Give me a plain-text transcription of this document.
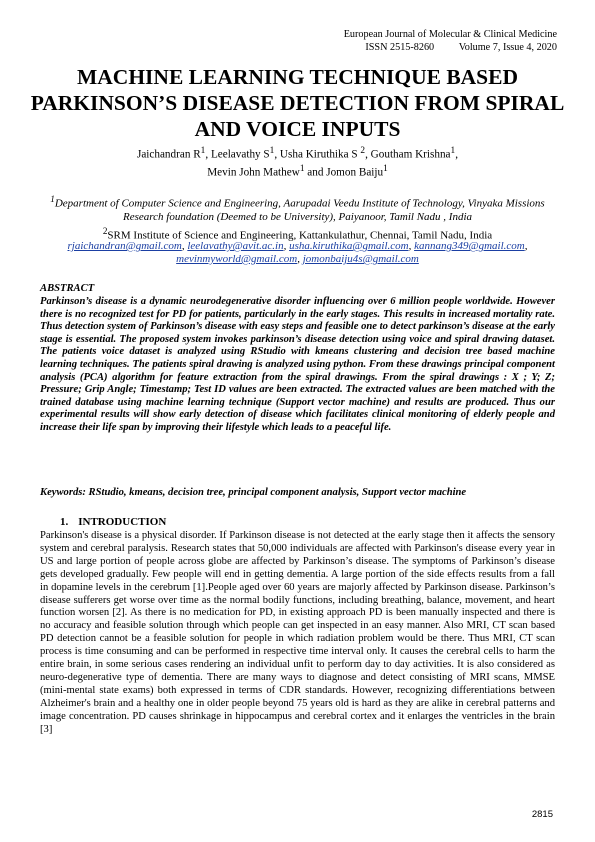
European Journal of Molecular & Clinical Medicine
ISSN 2515-8260 Volume 7, Issue 4, 2020
MACHINE LEARNING TECHNIQUE BASED PARKINSON’S DISEASE DETECTION FROM SPIRAL AND VOICE INPUTS
Jaichandran $R^1$, Leelavathy $S^1$, Usha Kiruthika S $^2$, Goutham Krishna$^1$,
Mevin John Mathew$^1$ and Jomon Baiju$^1$
$^1$Department of Computer Science and Engineering, Aarupadai Veedu Institute of Technology, Vinyaka Missions Research foundation (Deemed to be University), Paiyanoor, Tamil Nadu , India
$^2$SRM Institute of Science and Engineering, Kattankulathur, Chennai, Tamil Nadu, India
rjaichandran@gmail.com, leelavathy@avit.ac.in, usha.kiruthika@gmail.com, kannang349@gmail.com,
mevinmyworld@gmail.com, jomonbaiju4s@gmail.com
ABSTRACT

Parkinson’s disease is a dynamic neurodegenerative disorder influencing over 6 million people worldwide. However there is no recognized test for PD for patients, particularly in the early stages. This results in increased mortality rate. Thus detection system of Parkinson’s disease with easy steps and feasible one to detect parkinson’s disease at the early stage is essential. The proposed system invokes parkinson’s disease detection using voice and spiral drawing dataset. The patients voice dataset is analyzed using RStudio with kmeans clustering and decision tree based machine learning techniques. The patients spiral drawing is analyzed using python. From these drawings principal component analysis (PCA) algorithm for feature extraction from the spiral drawings. From the spiral drawings : X ; Y; Z; Pressure; Grip Angle; Timestamp; Test ID values are been extracted. The extracted values are been matched with the trained database using machine learning technique (Support vector machine) and results are produced. Thus our experimental results will show early detection of disease which facilitates clinical monitoring of elderly people and increase their life span by improving their lifestyle which leads to a peaceful life.

Keywords: RStudio, kmeans, decision tree, principal component analysis, Support vector machine

1. INTRODUCTION

Parkinson's disease is a physical disorder. If Parkinson disease is not detected at the early stage then it affects the sensory system and cerebral paralysis. Research states that 50,000 individuals are affected with Parkinson's disease every year in US and large portion of people across globe are affected by Parkinson’s disease. The symptoms of Parkinson’s disease gets developed gradually. Few people will end in getting dementia. A large portion of the side effects results from a fall in dopamine levels in the cerebrum [1].People aged over 60 years are majorly affected by Parkinson disease. Parkinson’s disease sufferers get worse over time as the normal bodily functions, including breathing, balance, movement, and heart function worsen [2]. As there is no medication for PD, in existing approach PD is been manually inspected and there is no accuracy and feasible solution through which people can get inspected in an easy manner. Also MRI, CT scan based PD detection cannot be a feasible solution for people in which radiation problem would be there. Thus MRI, CT scan process is time consuming and can be performed in respective time interval only. It causes the cerebral cells to harm the entire brain, in some serious cases rendering an individual unfit to perform day to day activities. It is also considered as neuro-degenerative type of dementia. There are many ways to diagnose and detect consisting of MRI scans, MMSE (mini-mental state exams) both expressed in terms of CDR standards. However, recognizing differentiations between Alzheimer's brain and a healthy one in older people beyond 75 years old is hard as they are alike in cerebral patterns and image concentration. PD causes shrinkage in hippocampus and cerebral cortex and it enlarges the ventricles in the brain [3]

2815
